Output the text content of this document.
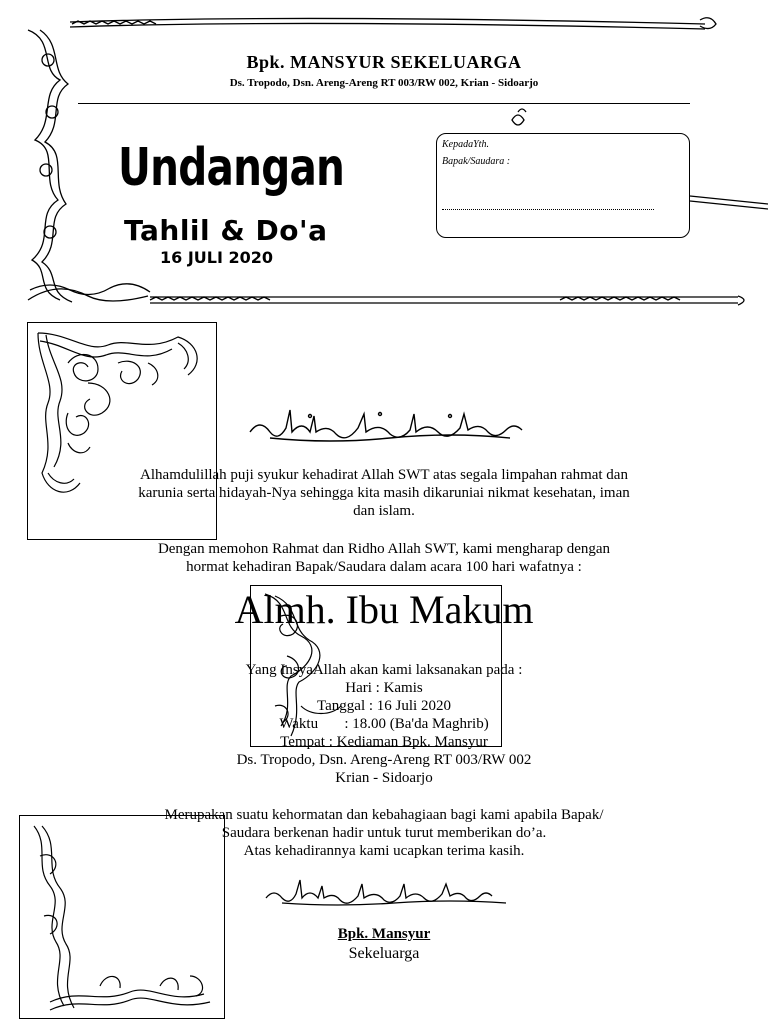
Bpk. MANSYUR SEKELUARGA
Ds. Tropodo, Dsn. Areng-Areng RT 003/RW 002, Krian - Sidoarjo
Undangan
Tahlil & Do'a
16 JULI 2020
KepadaYth.
Bapak/Saudara :
Alhamdulillah puji syukur kehadirat Allah SWT atas segala limpahan rahmat dan
karunia serta hidayah-Nya sehingga kita masih dikaruniai nikmat kesehatan, iman
dan islam.
Dengan memohon Rahmat dan Ridho Allah SWT, kami mengharap dengan
hormat kehadiran Bapak/Saudara dalam acara 100 hari wafatnya :
Almh. Ibu Makum
Yang InsyaAllah akan kami laksanakan pada :
Hari : Kamis
Tanggal : 16 Juli 2020
Waktu       : 18.00 (Ba'da Maghrib)
Tempat : Kediaman Bpk. Mansyur
Ds. Tropodo, Dsn. Areng-Areng RT 003/RW 002
Krian - Sidoarjo
Merupakan suatu kehormatan dan kebahagiaan bagi kami apabila Bapak/
Saudara berkenan hadir untuk turut memberikan do’a.
Atas kehadirannya kami ucapkan terima kasih.
Bpk. Mansyur
Sekeluarga
